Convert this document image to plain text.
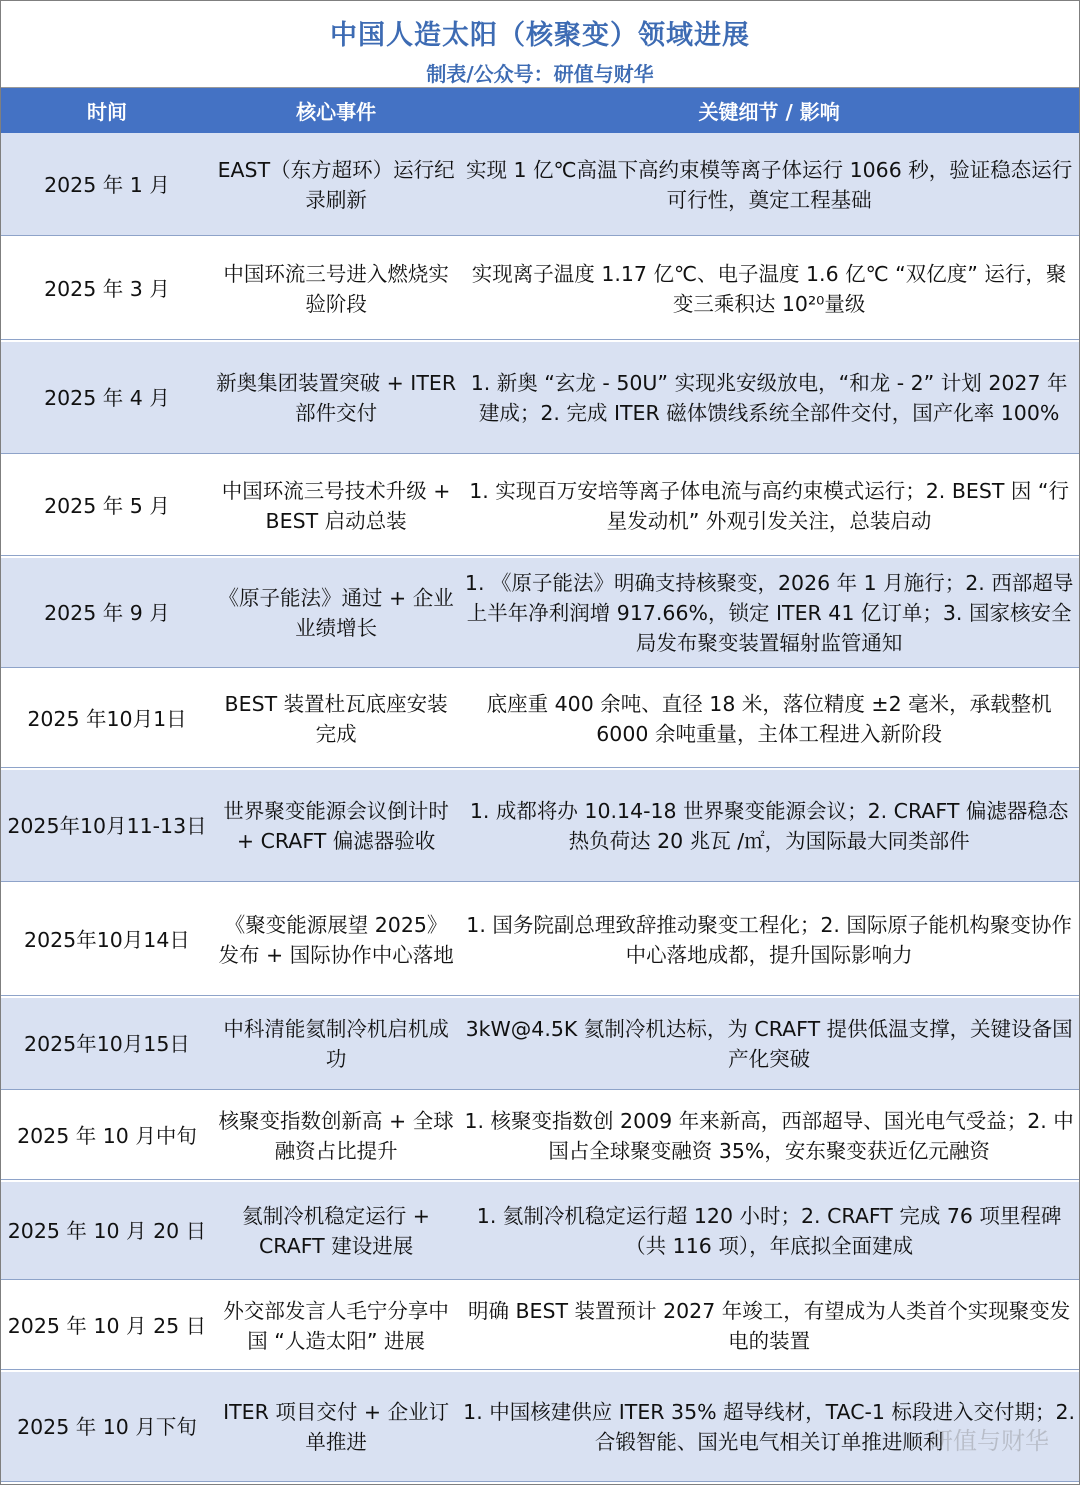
中国人造太阳（核聚变）领域进展
制表/公众号：研值与财华
时间	核心事件	关键细节 / 影响
2025 年 1 月	EAST（东方超环）运行纪录刷新	实现 1 亿℃高温下高约束模等离子体运行 1066 秒，验证稳态运行可行性，奠定工程基础
2025 年 3 月	中国环流三号进入燃烧实验阶段	实现离子温度 1.17 亿℃、电子温度 1.6 亿℃ “双亿度” 运行，聚变三乘积达 10²⁰量级
2025 年 4 月	新奥集团装置突破 + ITER 部件交付	1. 新奥 “玄龙 - 50U” 实现兆安级放电，“和龙 - 2” 计划 2027 年建成；2. 完成 ITER 磁体馈线系统全部件交付，国产化率 100%
2025 年 5 月	中国环流三号技术升级 + BEST 启动总装	1. 实现百万安培等离子体电流与高约束模式运行；2. BEST 因 “行星发动机” 外观引发关注，总装启动
2025 年 9 月	《原子能法》通过 + 企业业绩增长	1. 《原子能法》明确支持核聚变，2026 年 1 月施行；2. 西部超导上半年净利润增 917.66%，锁定 ITER 41 亿订单；3. 国家核安全局发布聚变装置辐射监管通知
2025 年10月1日	BEST 装置杜瓦底座安装完成	底座重 400 余吨、直径 18 米，落位精度 ±2 毫米，承载整机 6000 余吨重量，主体工程进入新阶段
2025年10月11-13日	世界聚变能源会议倒计时 + CRAFT 偏滤器验收	1. 成都将办 10.14-18 世界聚变能源会议；2. CRAFT 偏滤器稳态热负荷达 20 兆瓦 /㎡，为国际最大同类部件
2025年10月14日	《聚变能源展望 2025》发布 + 国际协作中心落地	1. 国务院副总理致辞推动聚变工程化；2. 国际原子能机构聚变协作中心落地成都，提升国际影响力
2025年10月15日	中科清能氦制冷机启机成功	3kW@4.5K 氦制冷机达标，为 CRAFT 提供低温支撑，关键设备国产化突破
2025 年 10 月中旬	核聚变指数创新高 + 全球融资占比提升	1. 核聚变指数创 2009 年来新高，西部超导、国光电气受益；2. 中国占全球聚变融资 35%，安东聚变获近亿元融资
2025 年 10 月 20 日	氦制冷机稳定运行 + CRAFT 建设进展	1. 氦制冷机稳定运行超 120 小时；2. CRAFT 完成 76 项里程碑（共 116 项），年底拟全面建成
2025 年 10 月 25 日	外交部发言人毛宁分享中国 “人造太阳” 进展	明确 BEST 装置预计 2027 年竣工，有望成为人类首个实现聚变发电的装置
2025 年 10 月下旬	ITER 项目交付 + 企业订单推进	1. 中国核建供应 ITER 35% 超导线材，TAC-1 标段进入交付期；2. 合锻智能、国光电气相关订单推进顺利
研值与财华
